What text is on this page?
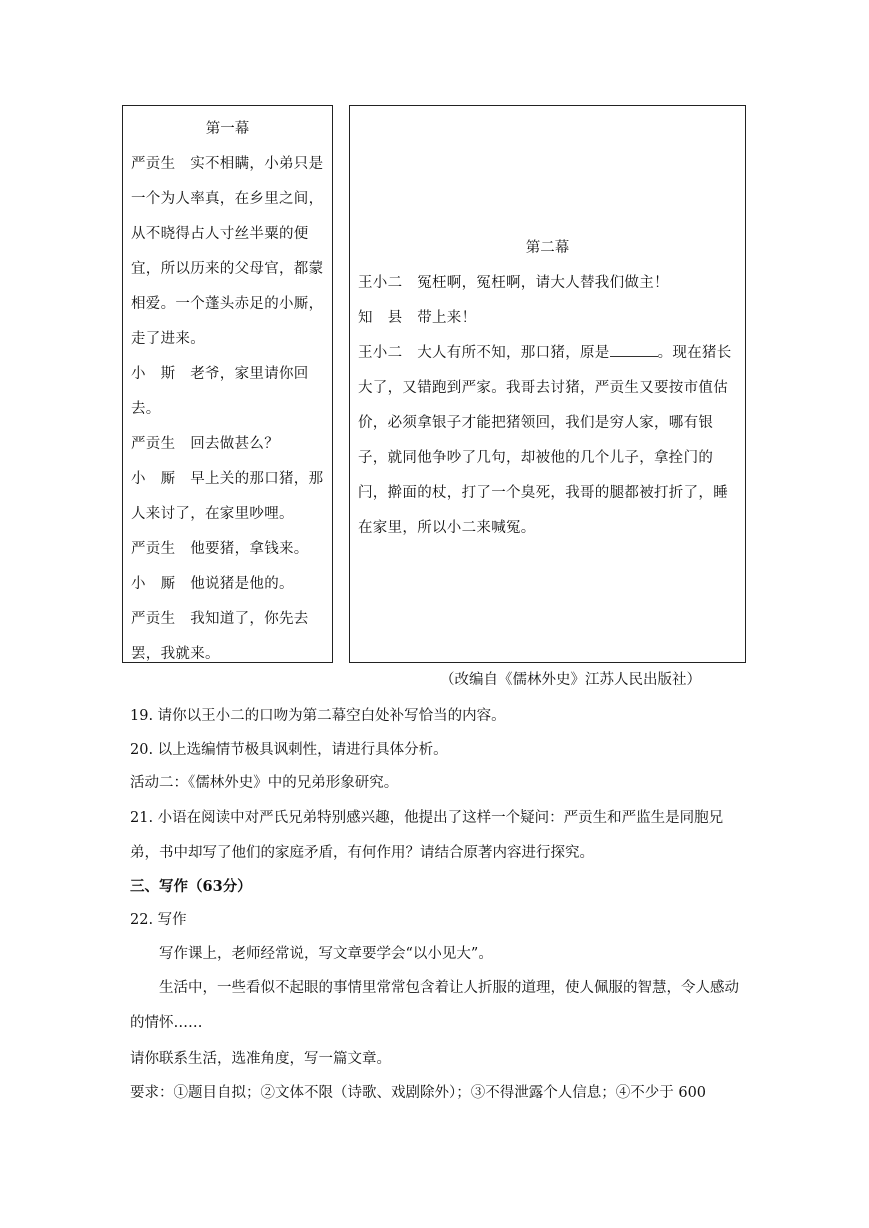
第一幕

严贡生　实不相瞒，小弟只是一个为人率真，在乡里之间，从不晓得占人寸丝半粟的便宜，所以历来的父母官，都蒙相爱。一个蓬头赤足的小厮，走了进来。

小　斯　老爷，家里请你回去。

严贡生　回去做甚么？

小　厮　早上关的那口猪，那人来讨了，在家里吵哩。

严贡生　他要猪，拿钱来。

小　厮　他说猪是他的。

严贡生　我知道了，你先去罢，我就来。

第二幕

王小二　冤枉啊，冤枉啊，请大人替我们做主！

知　县　带上来！

王小二　大人有所不知，那口猪，原是	。现在猪长大了，又错跑到严家。我哥去讨猪，严贡生又要按市值估价，必须拿银子才能把猪领回，我们是穷人家，哪有银子，就同他争吵了几句，却被他的几个儿子，拿拴门的闩，擀面的杖，打了一个臭死，我哥的腿都被打折了，睡在家里，所以小二来喊冤。

（改编自《儒林外史》江苏人民出版社）

19. 请你以王小二的口吻为第二幕空白处补写恰当的内容。

20. 以上选编情节极具讽刺性，请进行具体分析。

活动二：《儒林外史》中的兄弟形象研究。

21. 小语在阅读中对严氏兄弟特别感兴趣，他提出了这样一个疑问：严贡生和严监生是同胞兄弟，书中却写了他们的家庭矛盾，有何作用？请结合原著内容进行探究。

三、写作（63分）

22. 写作

写作课上，老师经常说，写文章要学会“以小见大”。

生活中，一些看似不起眼的事情里常常包含着让人折服的道理，使人佩服的智慧，令人感动的情怀……

请你联系生活，选准角度，写一篇文章。

要求：①题目自拟；②文体不限（诗歌、戏剧除外）；③不得泄露个人信息；④不少于 600
